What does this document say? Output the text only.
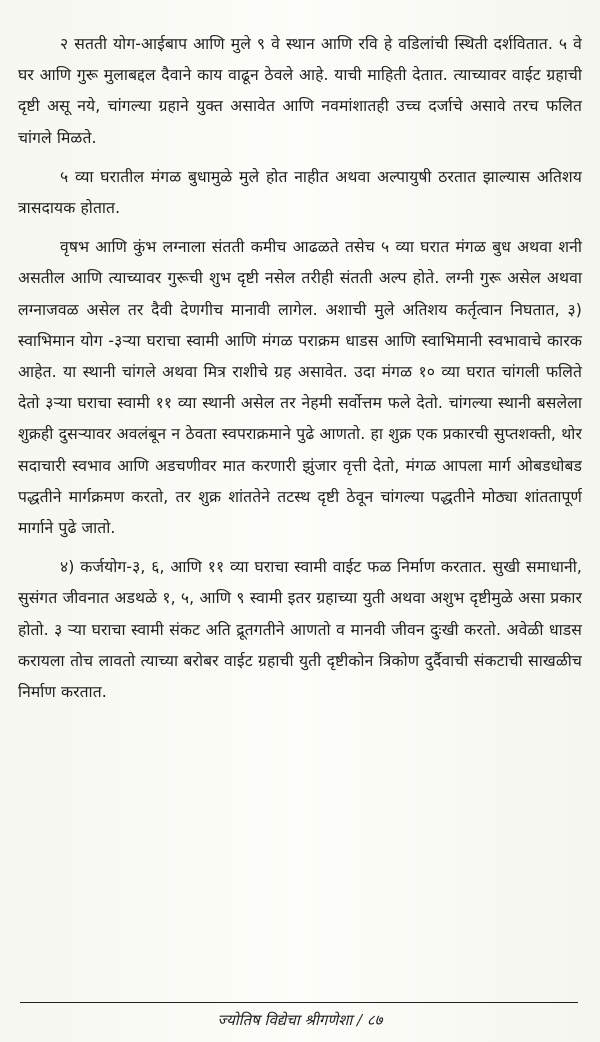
२ सतती योग-आईबाप आणि मुले ९ वे स्थान आणि रवि हे वडिलांची स्थिती दर्शवितात. ५ वे घर आणि गुरू मुलाबद्दल दैवाने काय वाढून ठेवले आहे. याची माहिती देतात. त्याच्यावर वाईट ग्रहाची दृष्टी असू नये, चांगल्या ग्रहाने युक्त असावेत आणि नवमांशातही उच्च दर्जाचे असावे तरच फलित चांगले मिळते.

५ व्या घरातील मंगळ बुधामुळे मुले होत नाहीत अथवा अल्पायुषी ठरतात झाल्यास अतिशय त्रासदायक होतात.

वृषभ आणि कुंभ लग्नाला संतती कमीच आढळते तसेच ५ व्या घरात मंगळ बुध अथवा शनी असतील आणि त्याच्यावर गुरूची शुभ दृष्टी नसेल तरीही संतती अल्प होते. लग्नी गुरू असेल अथवा लग्नाजवळ असेल तर दैवी देणगीच मानावी लागेल. अशाची मुले अतिशय कर्तृत्वान निघतात, ३) स्वाभिमान योग -३ऱ्या घराचा स्वामी आणि मंगळ पराक्रम धाडस आणि स्वाभिमानी स्वभावाचे कारक आहेत. या स्थानी चांगले अथवा मित्र राशीचे ग्रह असावेत. उदा मंगळ १० व्या घरात चांगली फलिते देतो ३ऱ्या घराचा स्वामी ११ व्या स्थानी असेल तर नेहमी सर्वोत्तम फले देतो. चांगल्या स्थानी बसलेला शुक्रही दुसऱ्यावर अवलंबून न ठेवता स्वपराक्रमाने पुढे आणतो. हा शुक्र एक प्रकारची सुप्तशक्ती, थोर सदाचारी स्वभाव आणि अडचणीवर मात करणारी झुंजार वृत्ती देतो, मंगळ आपला मार्ग ओबडधोबड पद्धतीने मार्गक्रमण करतो, तर शुक्र शांततेने तटस्थ दृष्टी ठेवून चांगल्या पद्धतीने मोठ्या शांततापूर्ण मार्गाने पुढे जातो.

४) कर्जयोग-३, ६, आणि ११ व्या घराचा स्वामी वाईट फळ निर्माण करतात. सुखी समाधानी, सुसंगत जीवनात अडथळे १, ५, आणि ९ स्वामी इतर ग्रहाच्या युती अथवा अशुभ दृष्टीमुळे असा प्रकार होतो. ३ ऱ्या घराचा स्वामी संकट अति द्रूतगतीने आणतो व मानवी जीवन दुःखी करतो. अवेळी धाडस करायला तोच लावतो त्याच्या बरोबर वाईट ग्रहाची युती दृष्टीकोन त्रिकोण दुर्दैवाची संकटाची साखळीच निर्माण करतात.

ज्योतिष विद्येचा श्रीगणेशा / ८७
